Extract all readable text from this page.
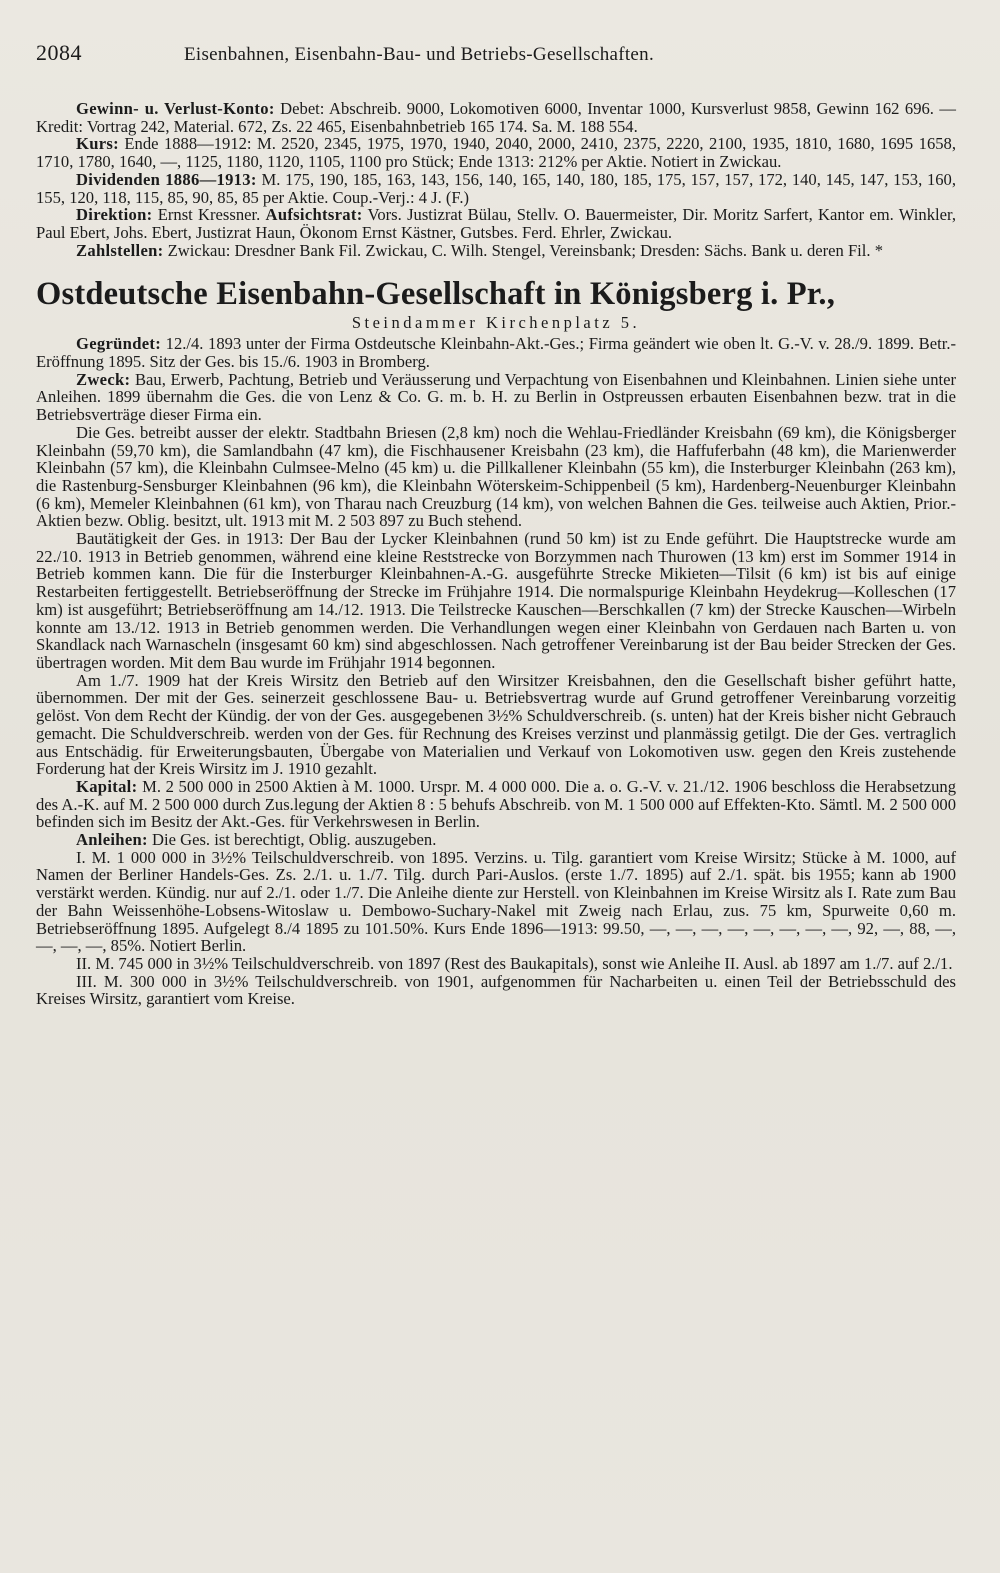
2084	Eisenbahnen, Eisenbahn-Bau- und Betriebs-Gesellschaften.

Gewinn- u. Verlust-Konto: Debet: Abschreib. 9000, Lokomotiven 6000, Inventar 1000, Kursverlust 9858, Gewinn 162 696. — Kredit: Vortrag 242, Material. 672, Zs. 22 465, Eisenbahnbetrieb 165 174. Sa. M. 188 554.

Kurs: Ende 1888—1912: M. 2520, 2345, 1975, 1970, 1940, 2040, 2000, 2410, 2375, 2220, 2100, 1935, 1810, 1680, 1695 1658, 1710, 1780, 1640, —, 1125, 1180, 1120, 1105, 1100 pro Stück; Ende 1313: 212% per Aktie. Notiert in Zwickau.

Dividenden 1886—1913: M. 175, 190, 185, 163, 143, 156, 140, 165, 140, 180, 185, 175, 157, 157, 172, 140, 145, 147, 153, 160, 155, 120, 118, 115, 85, 90, 85, 85 per Aktie. Coup.-Verj.: 4 J. (F.)

Direktion: Ernst Kressner. Aufsichtsrat: Vors. Justizrat Bülau, Stellv. O. Bauermeister, Dir. Moritz Sarfert, Kantor em. Winkler, Paul Ebert, Johs. Ebert, Justizrat Haun, Ökonom Ernst Kästner, Gutsbes. Ferd. Ehrler, Zwickau.

Zahlstellen: Zwickau: Dresdner Bank Fil. Zwickau, C. Wilh. Stengel, Vereinsbank; Dresden: Sächs. Bank u. deren Fil. *

Ostdeutsche Eisenbahn-Gesellschaft in Königsberg i. Pr.,
Steindammer Kirchenplatz 5.

Gegründet: 12./4. 1893 unter der Firma Ostdeutsche Kleinbahn-Akt.-Ges.; Firma geändert wie oben lt. G.-V. v. 28./9. 1899. Betr.-Eröffnung 1895. Sitz der Ges. bis 15./6. 1903 in Bromberg.

Zweck: Bau, Erwerb, Pachtung, Betrieb und Veräusserung und Verpachtung von Eisenbahnen und Kleinbahnen. Linien siehe unter Anleihen. 1899 übernahm die Ges. die von Lenz & Co. G. m. b. H. zu Berlin in Ostpreussen erbauten Eisenbahnen bezw. trat in die Betriebsverträge dieser Firma ein.

Die Ges. betreibt ausser der elektr. Stadtbahn Briesen (2,8 km) noch die Wehlau-Friedländer Kreisbahn (69 km), die Königsberger Kleinbahn (59,70 km), die Samlandbahn (47 km), die Fischhausener Kreisbahn (23 km), die Haffuferbahn (48 km), die Marienwerder Kleinbahn (57 km), die Kleinbahn Culmsee-Melno (45 km) u. die Pillkallener Kleinbahn (55 km), die Insterburger Kleinbahn (263 km), die Rastenburg-Sensburger Kleinbahnen (96 km), die Kleinbahn Wöterskeim-Schippenbeil (5 km), Hardenberg-Neuenburger Kleinbahn (6 km), Memeler Kleinbahnen (61 km), von Tharau nach Creuzburg (14 km), von welchen Bahnen die Ges. teilweise auch Aktien, Prior.-Aktien bezw. Oblig. besitzt, ult. 1913 mit M. 2 503 897 zu Buch stehend.

Bautätigkeit der Ges. in 1913: Der Bau der Lycker Kleinbahnen (rund 50 km) ist zu Ende geführt. Die Hauptstrecke wurde am 22./10. 1913 in Betrieb genommen, während eine kleine Reststrecke von Borzymmen nach Thurowen (13 km) erst im Sommer 1914 in Betrieb kommen kann. Die für die Insterburger Kleinbahnen-A.-G. ausgeführte Strecke Mikieten—Tilsit (6 km) ist bis auf einige Restarbeiten fertiggestellt. Betriebseröffnung der Strecke im Frühjahre 1914. Die normalspurige Kleinbahn Heydekrug—Kolleschen (17 km) ist ausgeführt; Betriebseröffnung am 14./12. 1913. Die Teilstrecke Kauschen—Berschkallen (7 km) der Strecke Kauschen—Wirbeln konnte am 13./12. 1913 in Betrieb genommen werden. Die Verhandlungen wegen einer Kleinbahn von Gerdauen nach Barten u. von Skandlack nach Warnascheln (insgesamt 60 km) sind abgeschlossen. Nach getroffener Vereinbarung ist der Bau beider Strecken der Ges. übertragen worden. Mit dem Bau wurde im Frühjahr 1914 begonnen.

Am 1./7. 1909 hat der Kreis Wirsitz den Betrieb auf den Wirsitzer Kreisbahnen, den die Gesellschaft bisher geführt hatte, übernommen. Der mit der Ges. seinerzeit geschlossene Bau- u. Betriebsvertrag wurde auf Grund getroffener Vereinbarung vorzeitig gelöst. Von dem Recht der Kündig. der von der Ges. ausgegebenen 3½% Schuldverschreib. (s. unten) hat der Kreis bisher nicht Gebrauch gemacht. Die Schuldverschreib. werden von der Ges. für Rechnung des Kreises verzinst und planmässig getilgt. Die der Ges. vertraglich aus Entschädig. für Erweiterungsbauten, Übergabe von Materialien und Verkauf von Lokomotiven usw. gegen den Kreis zustehende Forderung hat der Kreis Wirsitz im J. 1910 gezahlt.

Kapital: M. 2 500 000 in 2500 Aktien à M. 1000. Urspr. M. 4 000 000. Die a. o. G.-V. v. 21./12. 1906 beschloss die Herabsetzung des A.-K. auf M. 2 500 000 durch Zus.legung der Aktien 8 : 5 behufs Abschreib. von M. 1 500 000 auf Effekten-Kto. Sämtl. M. 2 500 000 befinden sich im Besitz der Akt.-Ges. für Verkehrswesen in Berlin.

Anleihen: Die Ges. ist berechtigt, Oblig. auszugeben.

I. M. 1 000 000 in 3½% Teilschuldverschreib. von 1895. Verzins. u. Tilg. garantiert vom Kreise Wirsitz; Stücke à M. 1000, auf Namen der Berliner Handels-Ges. Zs. 2./1. u. 1./7. Tilg. durch Pari-Auslos. (erste 1./7. 1895) auf 2./1. spät. bis 1955; kann ab 1900 verstärkt werden. Kündig. nur auf 2./1. oder 1./7. Die Anleihe diente zur Herstell. von Kleinbahnen im Kreise Wirsitz als I. Rate zum Bau der Bahn Weissenhöhe-Lobsens-Witoslaw u. Dembowo-Suchary-Nakel mit Zweig nach Erlau, zus. 75 km, Spurweite 0,60 m. Betriebseröffnung 1895. Aufgelegt 8./4 1895 zu 101.50%. Kurs Ende 1896—1913: 99.50, —, —, —, —, —, —, —, —, 92, —, 88, —, —, —, —, 85%. Notiert Berlin.

II. M. 745 000 in 3½% Teilschuldverschreib. von 1897 (Rest des Baukapitals), sonst wie Anleihe II. Ausl. ab 1897 am 1./7. auf 2./1.

III. M. 300 000 in 3½% Teilschuldverschreib. von 1901, aufgenommen für Nacharbeiten u. einen Teil der Betriebsschuld des Kreises Wirsitz, garantiert vom Kreise.
